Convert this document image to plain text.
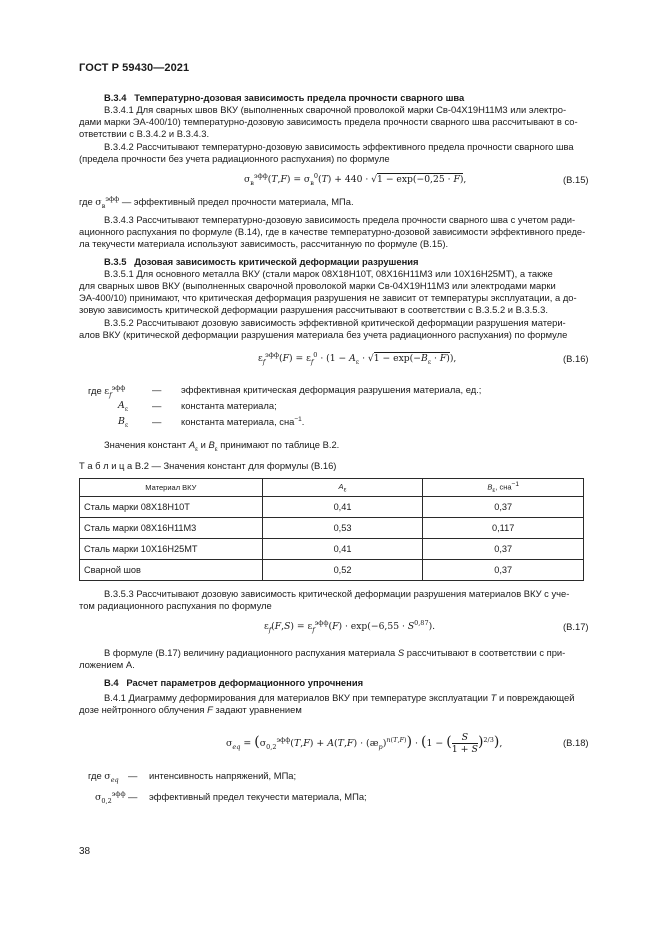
ГОСТ Р 59430—2021
В.3.4 Температурно-дозовая зависимость предела прочности сварного шва
В.3.4.1 Для сварных швов ВКУ (выполненных сварочной проволокой марки Св-04Х19Н11М3 или электро-
дами марки ЭА-400/10) температурно-дозовую зависимость предела прочности сварного шва рассчитывают в со-
ответствии с В.3.4.2 и В.3.4.3.
В.3.4.2 Рассчитывают температурно-дозовую зависимость эффективного предела прочности сварного шва
(предела прочности без учета радиационного распухания) по формуле
$\sigma_в^{эфф}(T,F) = \sigma_в^0(T) + 440 \cdot √1 - \exp(-0,25 \cdot F)$,	(В.15)
где $\sigma_в^{эфф}$ — эффективный предел прочности материала, МПа.
В.3.4.3 Рассчитывают температурно-дозовую зависимость предела прочности сварного шва с учетом ради-
ационного распухания по формуле (В.14), где в качестве температурно-дозовой зависимости эффективного преде-
ла текучести материала используют зависимость, рассчитанную по формуле (В.15).
В.3.5 Дозовая зависимость критической деформации разрушения
В.3.5.1 Для основного металла ВКУ (стали марок 08Х18Н10Т, 08Х16Н11М3 или 10Х16Н25МТ), а также
для сварных швов ВКУ (выполненных сварочной проволокой марки Св-04Х19Н11М3 или электродами марки
ЭА-400/10) принимают, что критическая деформация разрушения не зависит от температуры эксплуатации, а до-
зовую зависимость критической деформации разрушения рассчитывают в соответствии с В.3.5.2 и В.3.5.3.
В.3.5.2 Рассчитывают дозовую зависимость эффективной критической деформации разрушения матери-
алов ВКУ (критической деформации разрушения материала без учета радиационного распухания) по формуле
$\varepsilon_f^{эфф}(F) = \varepsilon_f^0 \cdot (1 - A_\varepsilon \cdot √1 - \exp(-B_\varepsilon \cdot F))$,	(В.16)
где $\varepsilon_f^{эфф}$	— эффективная критическая деформация разрушения материала, ед.;
$A_\varepsilon$	— константа материала;
$B_\varepsilon$	— константа материала, сна$^{-1}$.
Значения констант $A_\varepsilon$ и $B_\varepsilon$ принимают по таблице В.2.
Т а б л и ц а В.2 — Значения констант для формулы (В.16)
Материал ВКУ	$A_\varepsilon$	$B_\varepsilon$, сна$^{-1}$
Сталь марки 08Х18Н10Т	0,41	0,37
Сталь марки 08Х16Н11М3	0,53	0,117
Сталь марки 10Х16Н25МТ	0,41	0,37
Сварной шов	0,52	0,37
В.3.5.3 Рассчитывают дозовую зависимость критической деформации разрушения материалов ВКУ с уче-
том радиационного распухания по формуле
$\varepsilon_f(F,S) = \varepsilon_f^{эфф}(F) \cdot \exp(-6,55 \cdot S^{0,87})$.	(В.17)
В формуле (В.17) величину радиационного распухания материала S рассчитывают в соответствии с при-
ложением А.
В.4 Расчет параметров деформационного упрочнения
В.4.1 Диаграмму деформирования для материалов ВКУ при температуре эксплуатации T и повреждающей
дозе нейтронного облучения F задают уравнением
$\sigma_{eq} = (\sigma_{0,2}^{эфф}(T,F) + A(T,F)$ · $(æ_p)^{n(T,F)}) \cdot (1$ − ( $\frac{S}{1 + S} )^{2/3}$),	(В.18)
где $\sigma_{eq}$ — интенсивность напряжений, МПа;
$\sigma_{0,2}^{эфф}$ — эффективный предел текучести материала, МПа;
38
